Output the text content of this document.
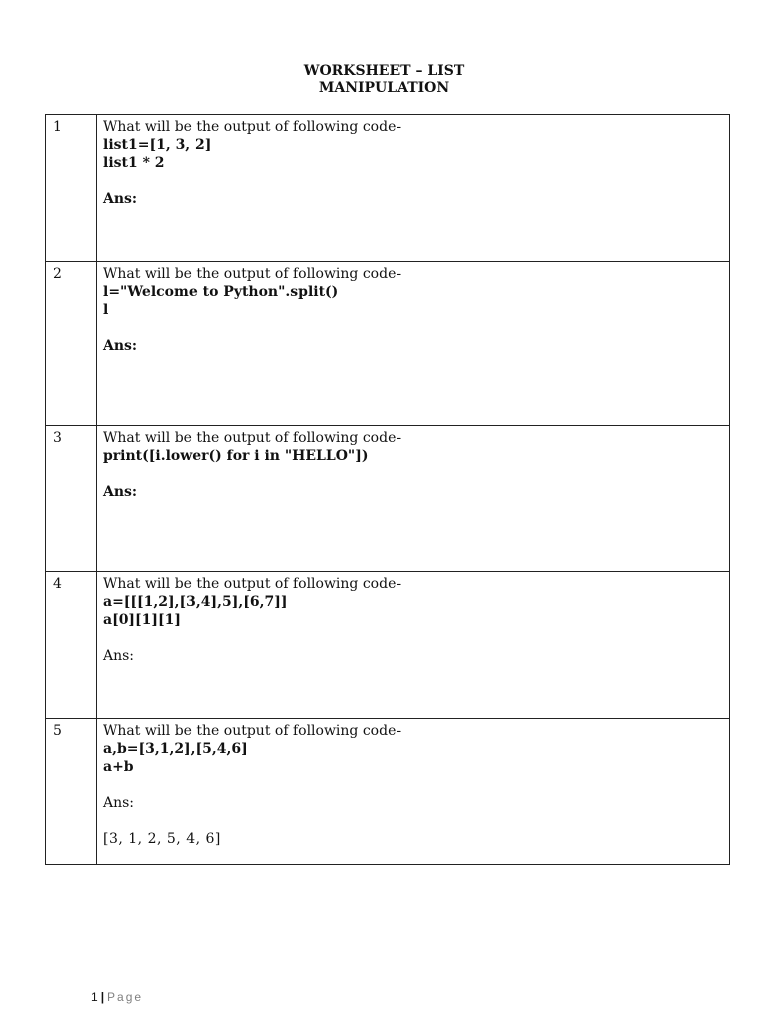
WORKSHEET – LIST
MANIPULATION
1	What will be the output of following code-
list1=[1, 3, 2]
list1 * 2
Ans:

2	What will be the output of following code-
l="Welcome to Python".split()
l
Ans:

3	What will be the output of following code-
print([i.lower() for i in "HELLO"])
Ans:

4	What will be the output of following code-
a=[[[1,2],[3,4],5],[6,7]]
a[0][1][1]
Ans:

5	What will be the output of following code-
a,b=[3,1,2],[5,4,6]
a+b
Ans:
[3, 1, 2, 5, 4, 6]
1 | Page
